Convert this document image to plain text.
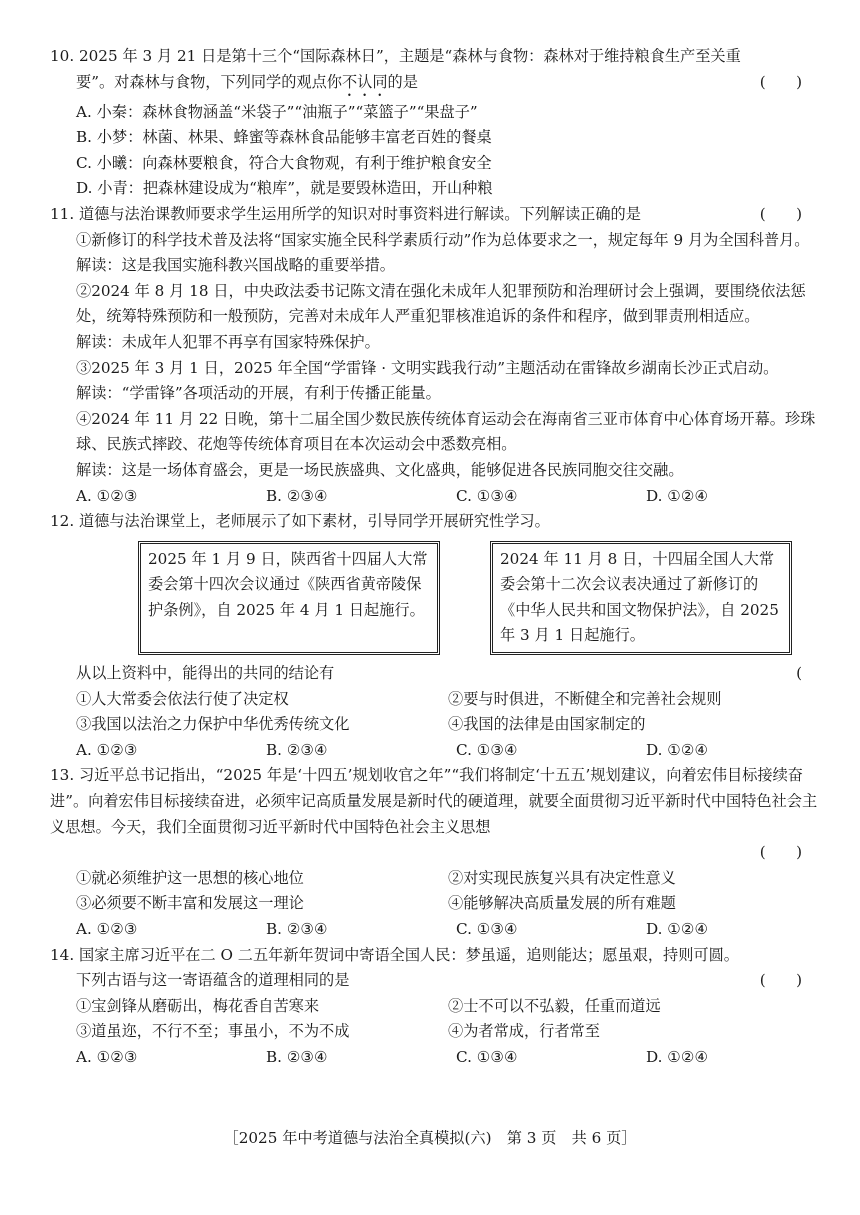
10. 2025 年 3 月 21 日是第十三个“国际森林日”，主题是“森林与食物：森林对于维持粮食生产至关重
要”。对森林与食物，下列同学的观点你不认同的是	(　　)
A. 小秦：森林食物涵盖“米袋子”“油瓶子”“菜篮子”“果盘子”
B. 小梦：林菌、林果、蜂蜜等森林食品能够丰富老百姓的餐桌
C. 小曦：向森林要粮食，符合大食物观，有利于维护粮食安全
D. 小青：把森林建设成为“粮库”，就是要毁林造田，开山种粮
11. 道德与法治课教师要求学生运用所学的知识对时事资料进行解读。下列解读正确的是	(　　)
①新修订的科学技术普及法将“国家实施全民科学素质行动”作为总体要求之一，规定每年 9 月为全国科普月。
解读：这是我国实施科教兴国战略的重要举措。
②2024 年 8 月 18 日，中央政法委书记陈文清在强化未成年人犯罪预防和治理研讨会上强调，要围绕依法惩处，统筹特殊预防和一般预防，完善对未成年人严重犯罪核准追诉的条件和程序，做到罪责刑相适应。
解读：未成年人犯罪不再享有国家特殊保护。
③2025 年 3 月 1 日，2025 年全国“学雷锋 · 文明实践我行动”主题活动在雷锋故乡湖南长沙正式启动。
解读：“学雷锋”各项活动的开展，有利于传播正能量。
④2024 年 11 月 22 日晚，第十二届全国少数民族传统体育运动会在海南省三亚市体育中心体育场开幕。珍珠球、民族式摔跤、花炮等传统体育项目在本次运动会中悉数亮相。
解读：这是一场体育盛会，更是一场民族盛典、文化盛典，能够促进各民族同胞交往交融。
A. ①②③	B. ②③④	C. ①③④	D. ①②④
12. 道德与法治课堂上，老师展示了如下素材，引导同学开展研究性学习。
2025 年 1 月 9 日，陕西省十四届人大常委会第十四次会议通过《陕西省黄帝陵保护条例》，自 2025 年 4 月 1 日起施行。
2024 年 11 月 8 日，十四届全国人大常委会第十二次会议表决通过了新修订的《中华人民共和国文物保护法》，自 2025 年 3 月 1 日起施行。
从以上资料中，能得出的共同的结论有	(
①人大常委会依法行使了决定权	②要与时俱进，不断健全和完善社会规则
③我国以法治之力保护中华优秀传统文化	④我国的法律是由国家制定的
A. ①②③	B. ②③④	C. ①③④	D. ①②④
13. 习近平总书记指出，“2025 年是‘十四五’规划收官之年”“我们将制定‘十五五’规划建议，向着宏伟目标接续奋进”。向着宏伟目标接续奋进，必须牢记高质量发展是新时代的硬道理，就要全面贯彻习近平新时代中国特色社会主义思想。今天，我们全面贯彻习近平新时代中国特色社会主义思想
(　　)

①就必须维护这一思想的核心地位	②对实现民族复兴具有决定性意义
③必须要不断丰富和发展这一理论	④能够解决高质量发展的所有难题
A. ①②③	B. ②③④	C. ①③④	D. ①②④
14. 国家主席习近平在二 O 二五年新年贺词中寄语全国人民：梦虽遥，追则能达；愿虽艰，持则可圆。
下列古语与这一寄语蕴含的道理相同的是	(　　)
①宝剑锋从磨砺出，梅花香自苦寒来	②士不可以不弘毅，任重而道远
③道虽迩，不行不至；事虽小，不为不成	④为者常成，行者常至
A. ①②③	B. ②③④	C. ①③④	D. ①②④
［2025 年中考道德与法治全真模拟(六)　第 3 页　共 6 页］
